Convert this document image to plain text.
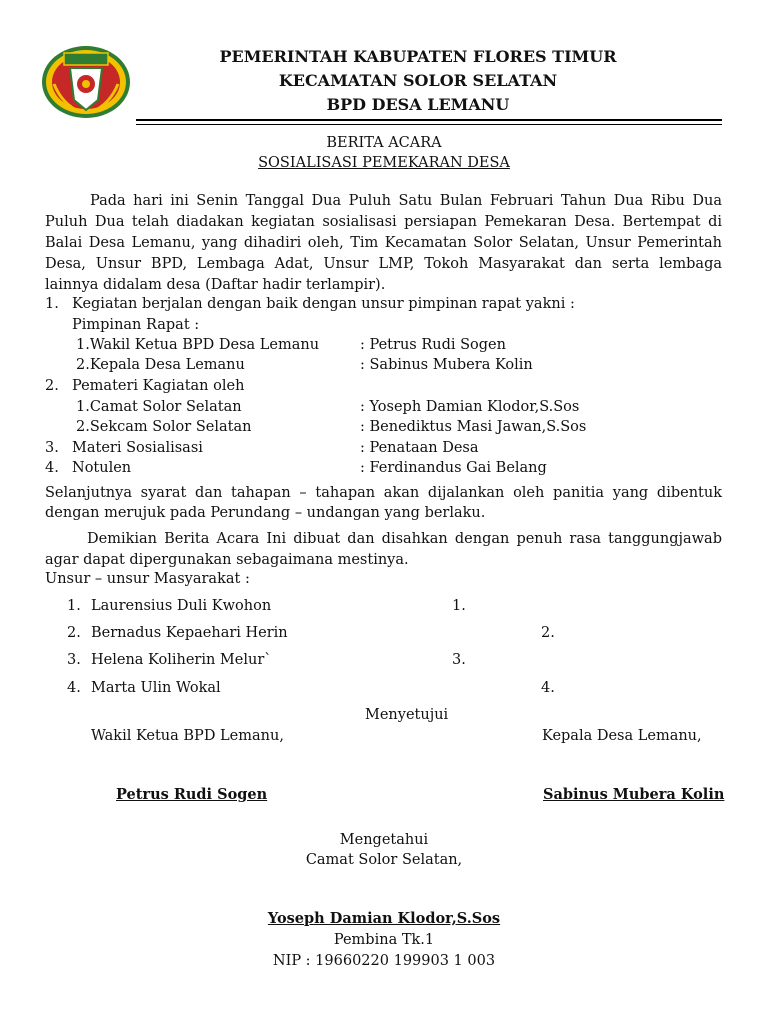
PEMERINTAH KABUPATEN FLORES TIMUR
KECAMATAN SOLOR SELATAN
BPD DESA LEMANU
BERITA ACARA
SOSIALISASI PEMEKARAN DESA
Pada hari ini Senin Tanggal Dua Puluh Satu Bulan Februari Tahun Dua Ribu Dua
Puluh Dua telah diadakan kegiatan sosialisasi persiapan Pemekaran Desa. Bertempat di
Balai Desa Lemanu, yang dihadiri oleh, Tim Kecamatan Solor Selatan, Unsur Pemerintah
Desa, Unsur BPD, Lembaga Adat, Unsur LMP, Tokoh Masyarakat dan serta lembaga
lainnya didalam desa (Daftar hadir terlampir).
1. Kegiatan berjalan dengan baik dengan unsur pimpinan rapat yakni :
Pimpinan Rapat :
1.Wakil Ketua BPD Desa Lemanu	: Petrus Rudi Sogen
2.Kepala Desa Lemanu	: Sabinus Mubera Kolin
2. Pemateri Kagiatan oleh
1.Camat Solor Selatan	: Yoseph Damian Klodor,S.Sos
2.Sekcam Solor Selatan	: Benediktus Masi Jawan,S.Sos
3. Materi Sosialisasi	: Penataan Desa
4. Notulen	: Ferdinandus Gai Belang
Selanjutnya syarat dan tahapan – tahapan akan dijalankan oleh panitia yang dibentuk
dengan merujuk pada Perundang – undangan yang berlaku.
Demikian Berita Acara Ini dibuat dan disahkan dengan penuh rasa tanggungjawab
agar dapat dipergunakan sebagaimana mestinya.
Unsur – unsur Masyarakat :
1. Laurensius Duli Kwohon	1.
2. Bernadus Kepaehari Herin	2.
3. Helena Koliherin Melur`	3.
4. Marta Ulin Wokal	4.
Menyetujui
Wakil Ketua BPD Lemanu,	Kepala Desa Lemanu,
Petrus Rudi Sogen	Sabinus Mubera Kolin
Mengetahui
Camat Solor Selatan,
Yoseph Damian Klodor,S.Sos
Pembina Tk.1
NIP : 19660220 199903 1 003
